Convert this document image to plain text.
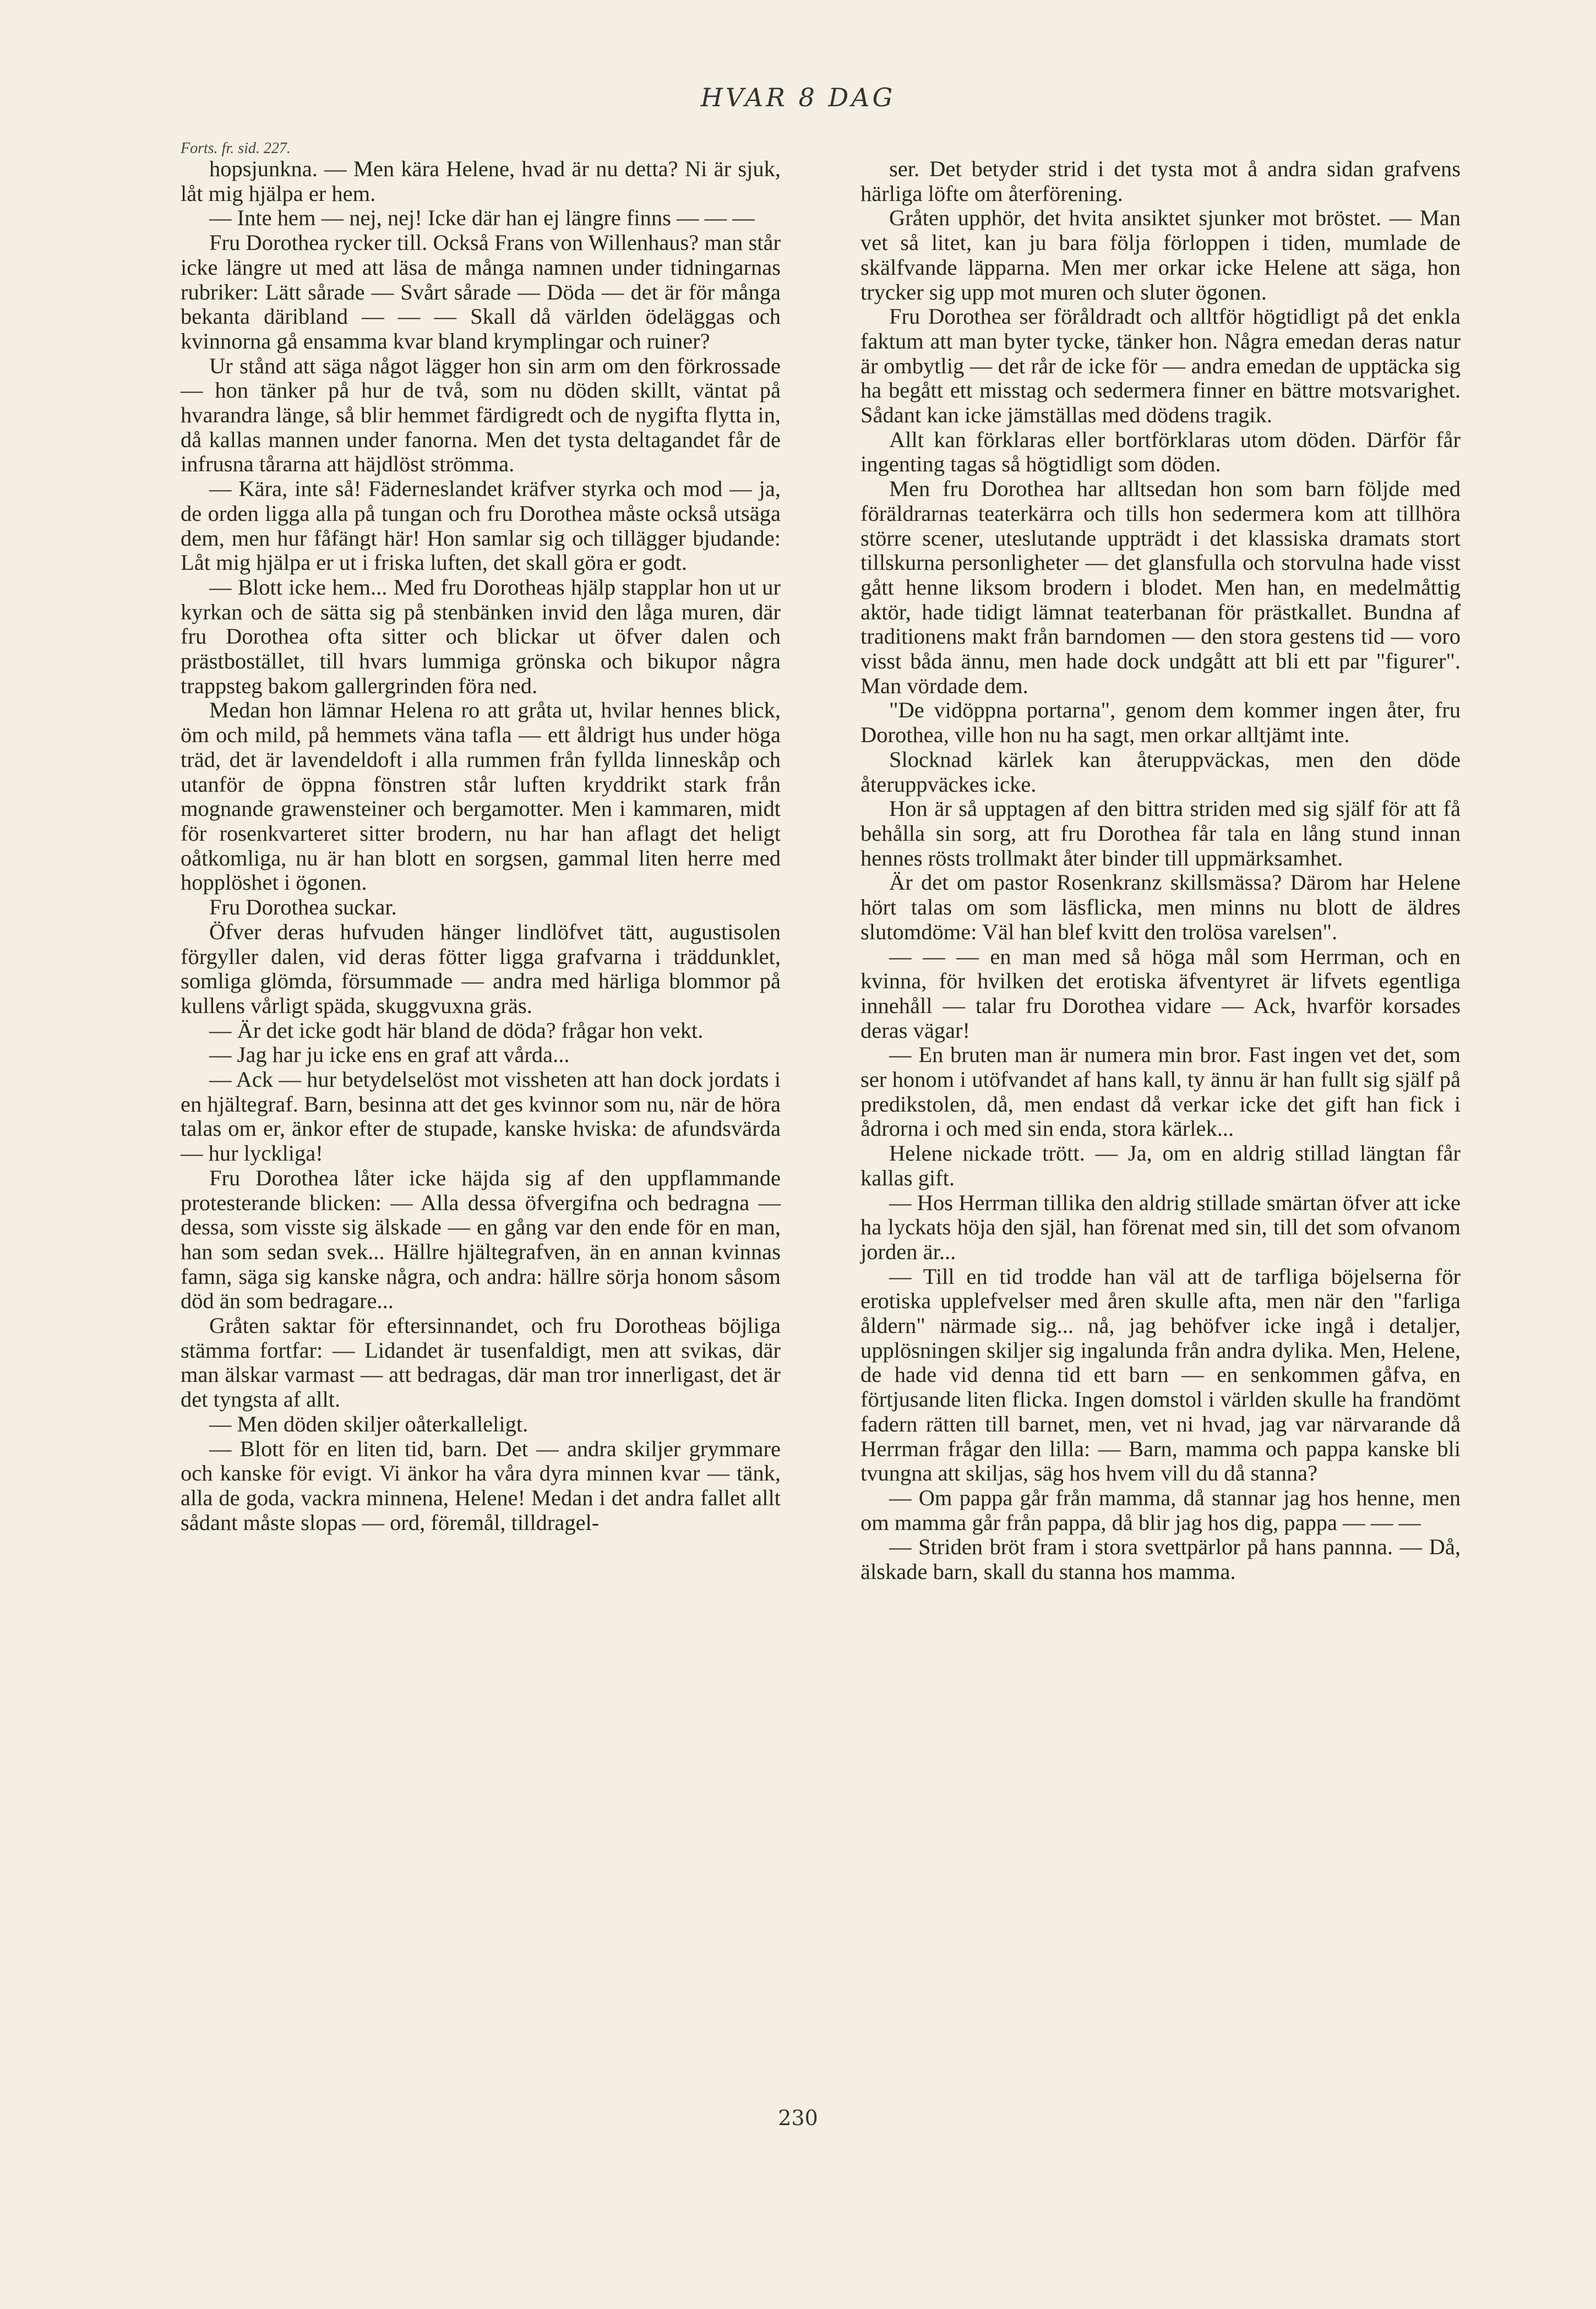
HVAR 8 DAG

Forts. fr. sid. 227.

hopsjunkna. — Men kära Helene, hvad är nu detta? Ni är sjuk, låt mig hjälpa er hem.

— Inte hem — nej, nej! Icke där han ej längre finns — — —

Fru Dorothea rycker till. Också Frans von Willenhaus? man står icke längre ut med att läsa de många namnen under tidningarnas rubriker: Lätt sårade — Svårt sårade — Döda — det är för många bekanta däribland — — — Skall då världen ödeläggas och kvinnorna gå ensamma kvar bland krymplingar och ruiner?

Ur stånd att säga något lägger hon sin arm om den förkrossade — hon tänker på hur de två, som nu döden skillt, väntat på hvarandra länge, så blir hemmet färdigredt och de nygifta flytta in, då kallas mannen under fanorna. Men det tysta deltagandet får de infrusna tårarna att häjdlöst strömma.

— Kära, inte så! Fäderneslandet kräfver styrka och mod — ja, de orden ligga alla på tungan och fru Dorothea måste också utsäga dem, men hur fåfängt här! Hon samlar sig och tillägger bjudande: Låt mig hjälpa er ut i friska luften, det skall göra er godt.

— Blott icke hem... Med fru Dorotheas hjälp stapplar hon ut ur kyrkan och de sätta sig på stenbänken invid den låga muren, där fru Dorothea ofta sitter och blickar ut öfver dalen och prästbostället, till hvars lummiga grönska och bikupor några trappsteg bakom gallergrinden föra ned.

Medan hon lämnar Helena ro att gråta ut, hvilar hennes blick, öm och mild, på hemmets väna tafla — ett åldrigt hus under höga träd, det är lavendeldoft i alla rummen från fyllda linneskåp och utanför de öppna fönstren står luften kryddrikt stark från mognande grawensteiner och bergamotter. Men i kammaren, midt för rosenkvarteret sitter brodern, nu har han aflagt det heligt oåtkomliga, nu är han blott en sorgsen, gammal liten herre med hopplöshet i ögonen.

Fru Dorothea suckar.

Öfver deras hufvuden hänger lindlöfvet tätt, augustisolen förgyller dalen, vid deras fötter ligga grafvarna i träddunklet, somliga glömda, försummade — andra med härliga blommor på kullens vårligt spädа, skuggvuxna gräs.

— Är det icke godt här bland de döda? frågar hon vekt.

— Jag har ju icke ens en graf att vårda...

— Ack — hur betydelselöst mot vissheten att han dock jordats i en hjältegraf. Barn, besinna att det ges kvinnor som nu, när de höra talas om er, änkor efter de stupade, kanske hviska: de afundsvärda — hur lyckliga!

Fru Dorothea låter icke häjda sig af den uppflammande protesterande blicken: — Alla dessa öfvergifna och bedragna — dessa, som visste sig älskade — en gång var den ende för en man, han som sedan svek... Hällre hjältegrafven, än en annan kvinnas famn, säga sig kanske några, och andra: hällre sörja honom såsom död än som bedragare...

Gråten saktar för eftersinnandet, och fru Dorotheas böjliga stämma fortfar: — Lidandet är tusenfaldigt, men att svikas, där man älskar varmast — att bedragas, där man tror innerligast, det är det tyngsta af allt.

— Men döden skiljer oåterkalleligt.

— Blott för en liten tid, barn. Det — andra skiljer grymmare och kanske för evigt. Vi änkor ha våra dyra minnen kvar — tänk, alla de goda, vackra minnena, Helene! Medan i det andra fallet allt sådant måste slopas — ord, föremål, tilldragel-

ser. Det betyder strid i det tysta mot å andra sidan grafvens härliga löfte om återförening.

Gråten upphör, det hvita ansiktet sjunker mot bröstet. — Man vet så litet, kan ju bara följa förloppen i tiden, mumlade de skälfvande läpparna. Men mer orkar icke Helene att säga, hon trycker sig upp mot muren och sluter ögonen.

Fru Dorothea ser föråldradt och alltför högtidligt på det enkla faktum att man byter tycke, tänker hon. Några emedan deras natur är ombytlig — det rår de icke för — andra emedan de upptäcka sig ha begått ett misstag och sedermera finner en bättre motsvarighet. Sådant kan icke jämställas med dödens tragik.

Allt kan förklaras eller bortförklaras utom döden. Därför får ingenting tagas så högtidligt som döden.

Men fru Dorothea har alltsedan hon som barn följde med föräldrarnas teaterkärra och tills hon sedermera kom att tillhöra större scener, uteslutande uppträdt i det klassiska dramats stort tillskurna personligheter — det glansfulla och storvulna hade visst gått henne liksom brodern i blodet. Men han, en medelmåttig aktör, hade tidigt lämnat teaterbanan för prästkallet. Bundna af traditionens makt från barndomen — den stora gestens tid — voro visst båda ännu, men hade dock undgått att bli ett par "figurer". Man vördade dem.

"De vidöppna portarna", genom dem kommer ingen åter, fru Dorothea, ville hon nu ha sagt, men orkar alltjämt inte.

Slocknad kärlek kan återuppväckas, men den döde återuppväckes icke.

Hon är så upptagen af den bittra striden med sig själf för att få behålla sin sorg, att fru Dorothea får tala en lång stund innan hennes rösts trollmakt åter binder till uppmärksamhet.

Är det om pastor Rosenkranz skillsmässa? Därom har Helene hört talas om som läsflicka, men minns nu blott de äldres slutomdöme: Väl han blef kvitt den trolösa varelsen".

— — — en man med så höga mål som Herrman, och en kvinna, för hvilken det erotiska äfventyret är lifvets egentliga innehåll — talar fru Dorothea vidare — Ack, hvarför korsades deras vägar!

— En bruten man är numera min bror. Fast ingen vet det, som ser honom i utöfvandet af hans kall, ty ännu är han fullt sig själf på predikstolen, då, men endast då verkar icke det gift han fick i ådrorna i och med sin enda, stora kärlek...

Helene nickade trött. — Ja, om en aldrig stillad längtan får kallas gift.

— Hos Herrman tillika den aldrig stillade smärtan öfver att icke ha lyckats höja den själ, han förenat med sin, till det som ofvanom jorden är...

— Till en tid trodde han väl att de tarfliga böjelserna för erotiska upplefvelser med åren skulle afta, men när den "farliga åldern" närmade sig... nå, jag behöfver icke ingå i detaljer, upplösningen skiljer sig ingalunda från andra dylika. Men, Helene, de hade vid denna tid ett barn — en senkommen gåfva, en förtjusande liten flicka. Ingen domstol i världen skulle ha frandömt fadern rätten till barnet, men, vet ni hvad, jag var närvarande då Herrman frågar den lilla: — Barn, mamma och pappa kanske bli tvungna att skiljas, säg hos hvem vill du då stanna?

— Om pappa går från mamma, då stannar jag hos henne, men om mamma går från pappa, då blir jag hos dig, pappa — — —

— Striden bröt fram i stora svettpärlor på hans pannna. — Då, älskade barn, skall du stanna hos mamma.

230
